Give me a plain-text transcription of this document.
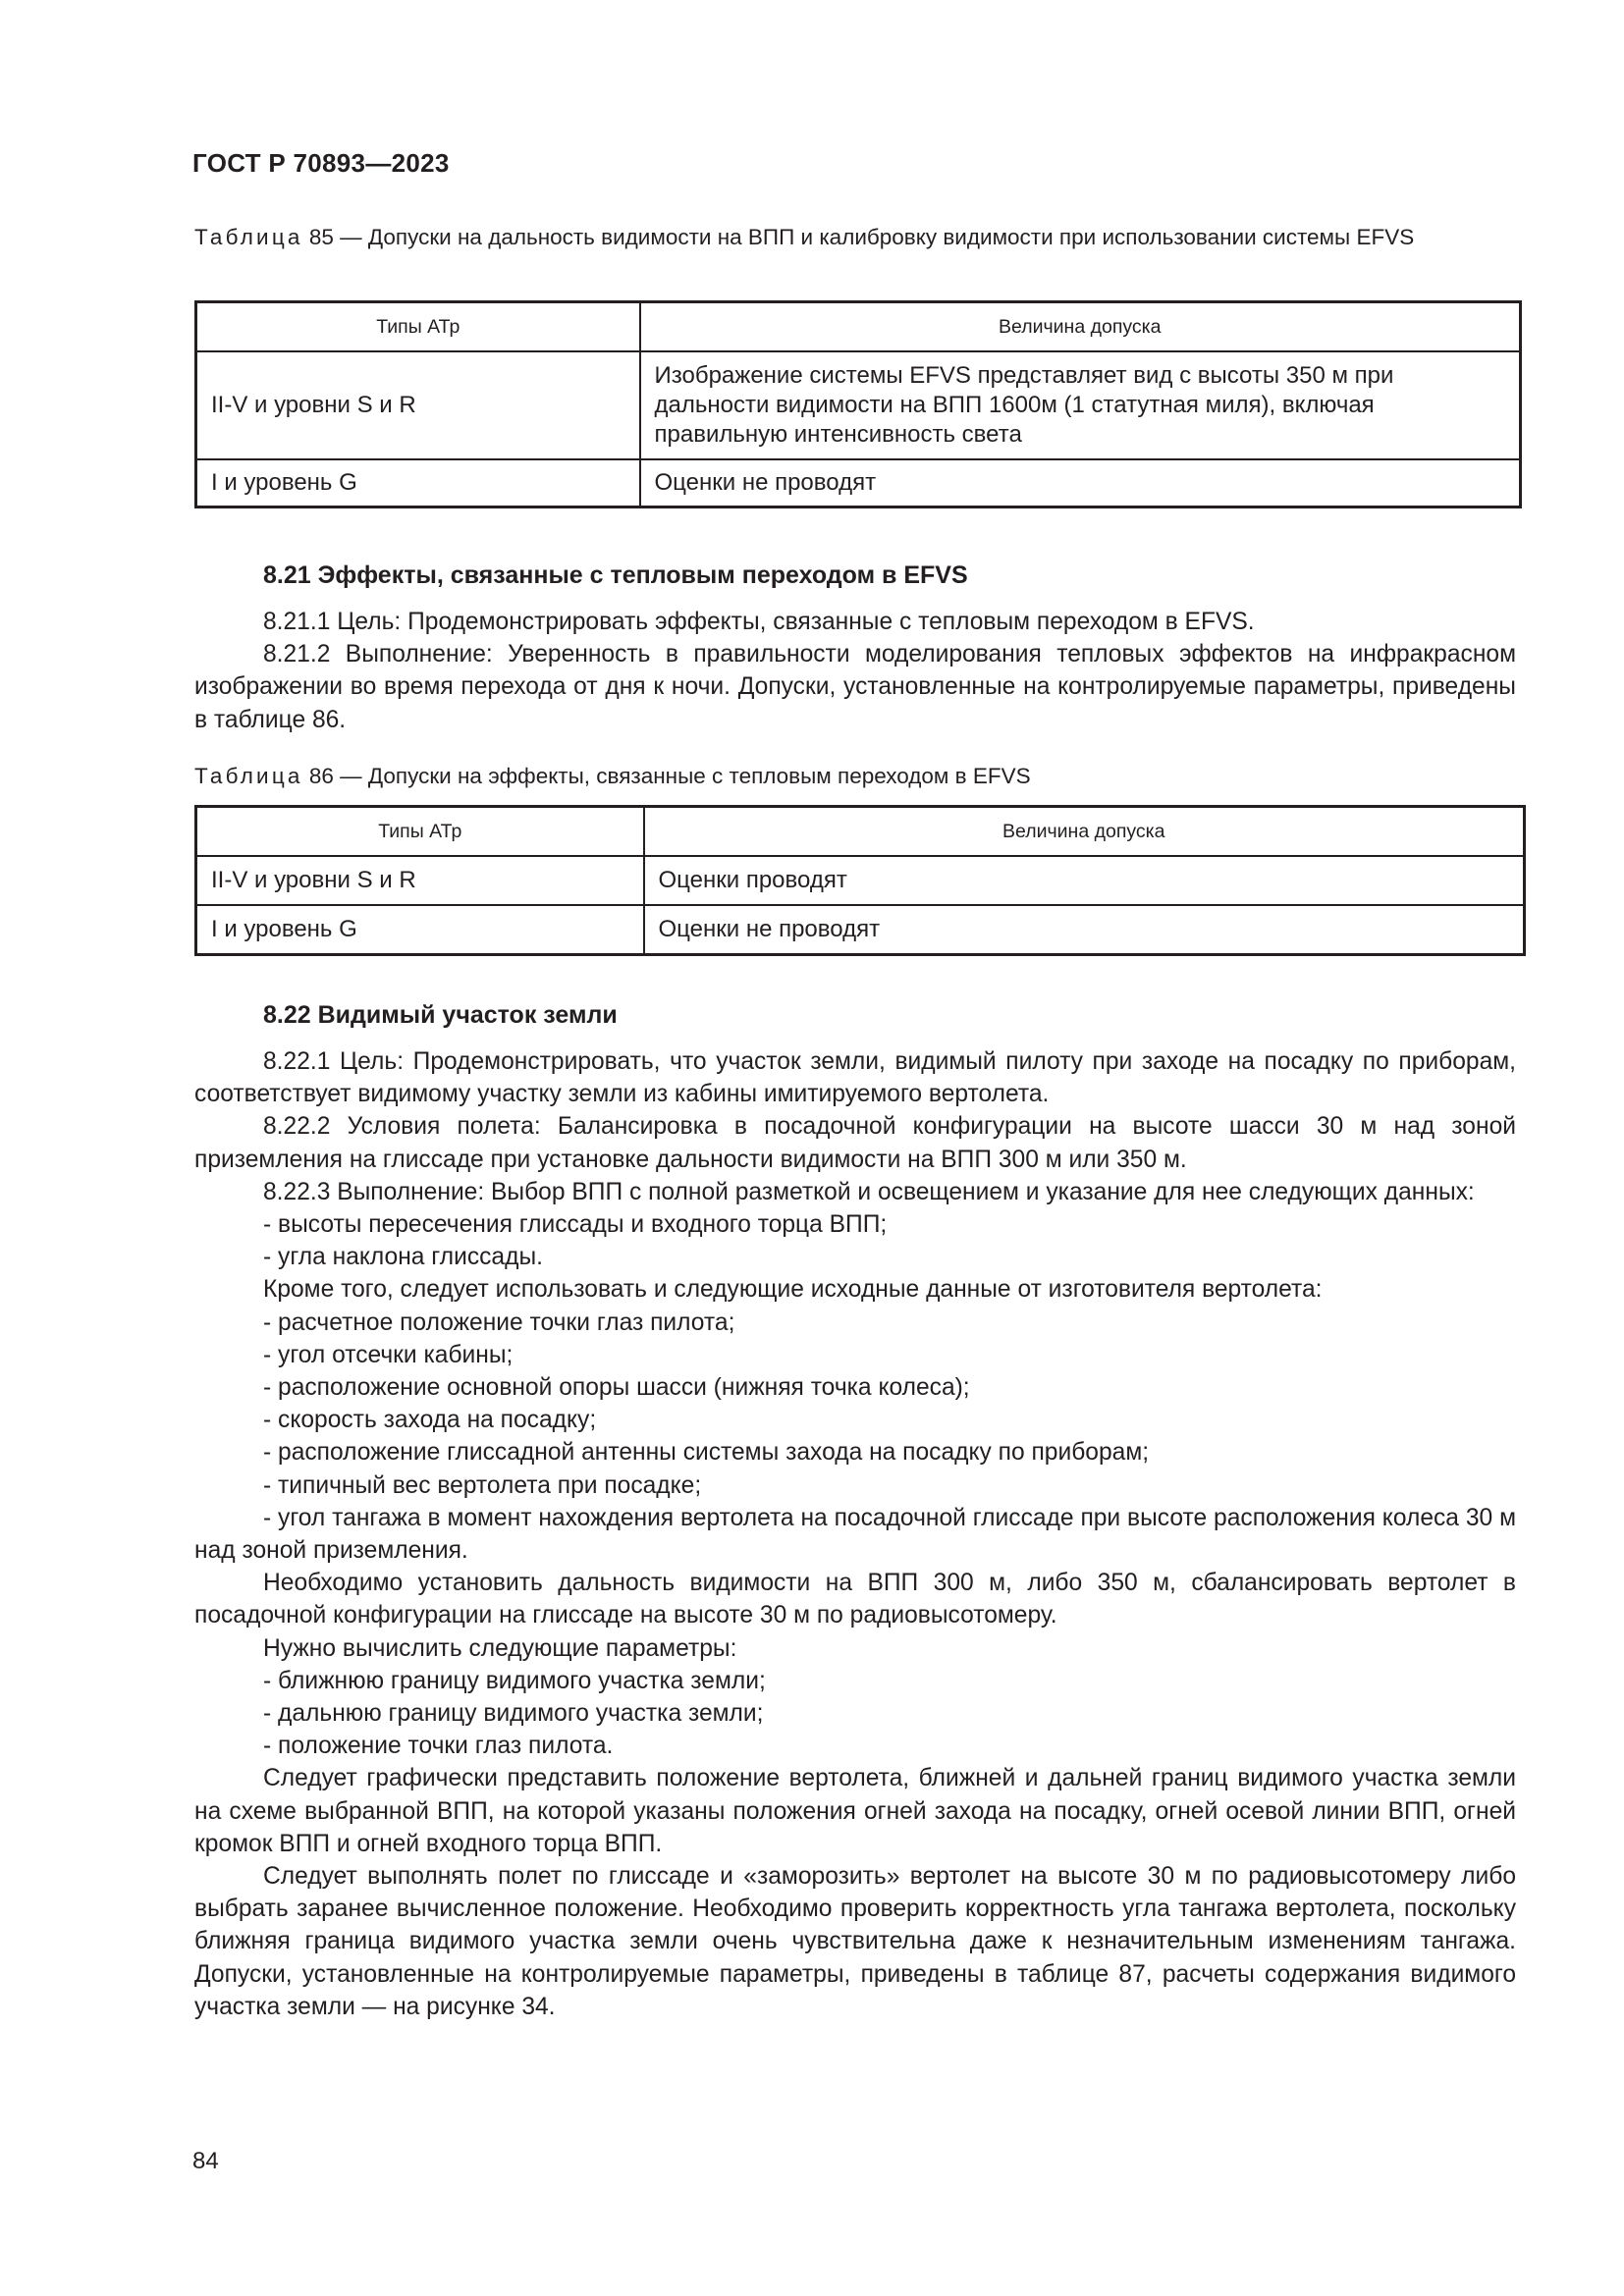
ГОСТ Р 70893—2023
Таблица 85 — Допуски на дальность видимости на ВПП и калибровку видимости при использовании системы EFVS
Типы АТр	Величина допуска
II-V и уровни S и R	Изображение системы EFVS представляет вид с высоты 350 м при дальности видимости на ВПП 1600м (1 статутная миля), включая правильную интенсивность света
I и уровень G	Оценки не проводят
8.21 Эффекты, связанные с тепловым переходом в EFVS

8.21.1 Цель: Продемонстрировать эффекты, связанные с тепловым переходом в EFVS.

8.21.2 Выполнение: Уверенность в правильности моделирования тепловых эффектов на инфракрасном изображении во время перехода от дня к ночи. Допуски, установленные на контролируемые параметры, приведены в таблице 86.

Таблица 86 — Допуски на эффекты, связанные с тепловым переходом в EFVS
Типы АТр	Величина допуска
II-V и уровни S и R	Оценки проводят
I и уровень G	Оценки не проводят
8.22 Видимый участок земли

8.22.1 Цель: Продемонстрировать, что участок земли, видимый пилоту при заходе на посадку по приборам, соответствует видимому участку земли из кабины имитируемого вертолета.

8.22.2 Условия полета: Балансировка в посадочной конфигурации на высоте шасси 30 м над зоной приземления на глиссаде при установке дальности видимости на ВПП 300 м или 350 м.

8.22.3 Выполнение: Выбор ВПП с полной разметкой и освещением и указание для нее следующих данных:

- высоты пересечения глиссады и входного торца ВПП;

- угла наклона глиссады.

Кроме того, следует использовать и следующие исходные данные от изготовителя вертолета:

- расчетное положение точки глаз пилота;

- угол отсечки кабины;

- расположение основной опоры шасси (нижняя точка колеса);

- скорость захода на посадку;

- расположение глиссадной антенны системы захода на посадку по приборам;

- типичный вес вертолета при посадке;

- угол тангажа в момент нахождения вертолета на посадочной глиссаде при высоте расположения колеса 30 м над зоной приземления.

Необходимо установить дальность видимости на ВПП 300 м, либо 350 м, сбалансировать вертолет в посадочной конфигурации на глиссаде на высоте 30 м по радиовысотомеру.

Нужно вычислить следующие параметры:

- ближнюю границу видимого участка земли;

- дальнюю границу видимого участка земли;

- положение точки глаз пилота.

Следует графически представить положение вертолета, ближней и дальней границ видимого участка земли на схеме выбранной ВПП, на которой указаны положения огней захода на посадку, огней осевой линии ВПП, огней кромок ВПП и огней входного торца ВПП.

Следует выполнять полет по глиссаде и «заморозить» вертолет на высоте 30 м по радиовысотомеру либо выбрать заранее вычисленное положение. Необходимо проверить корректность угла тангажа вертолета, поскольку ближняя граница видимого участка земли очень чувствительна даже к незначительным изменениям тангажа. Допуски, установленные на контролируемые параметры, приведены в таблице 87, расчеты содержания видимого участка земли — на рисунке 34.

84
